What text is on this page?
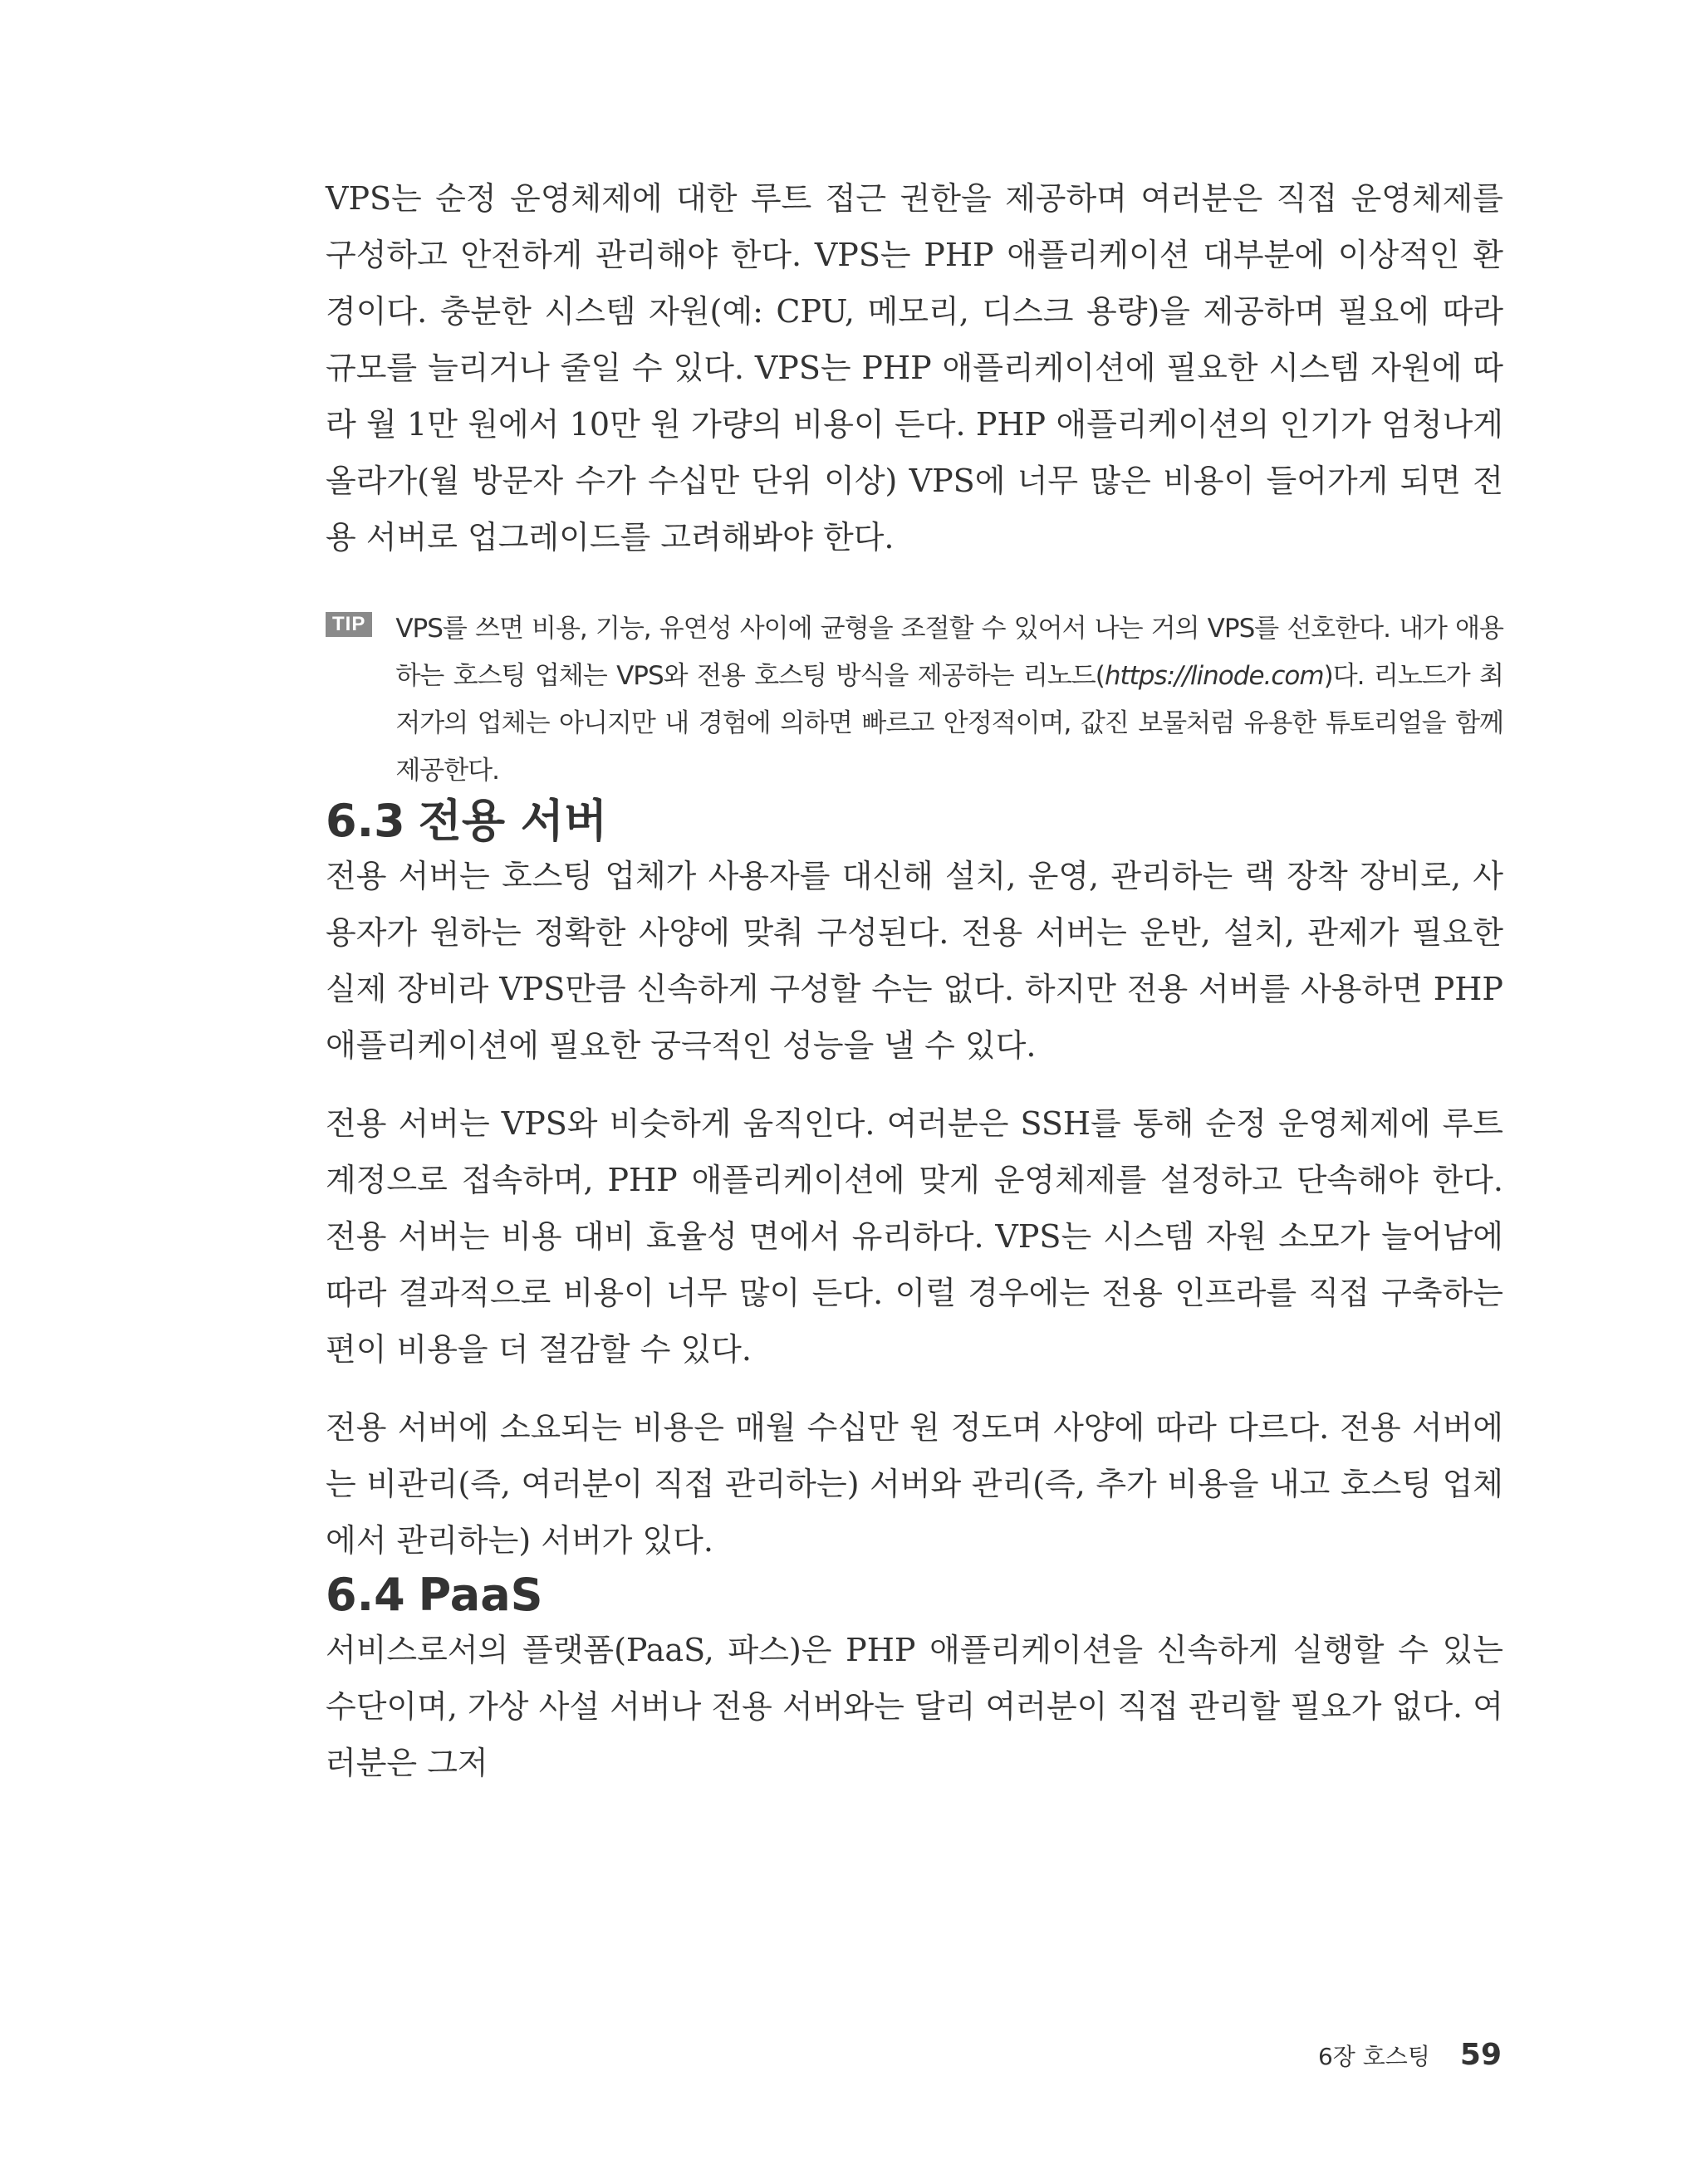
VPS는 순정 운영체제에 대한 루트 접근 권한을 제공하며 여러분은 직접 운영체제를 구성하고 안전하게 관리해야 한다. VPS는 PHP 애플리케이션 대부분에 이상적인 환경이다. 충분한 시스템 자원(예: CPU, 메모리, 디스크 용량)을 제공하며 필요에 따라 규모를 늘리거나 줄일 수 있다. VPS는 PHP 애플리케이션에 필요한 시스템 자원에 따라 월 1만 원에서 10만 원 가량의 비용이 든다. PHP 애플리케이션의 인기가 엄청나게 올라가(월 방문자 수가 수십만 단위 이상) VPS에 너무 많은 비용이 들어가게 되면 전용 서버로 업그레이드를 고려해봐야 한다.

TIP VPS를 쓰면 비용, 기능, 유연성 사이에 균형을 조절할 수 있어서 나는 거의 VPS를 선호한다. 내가 애용하는 호스팅 업체는 VPS와 전용 호스팅 방식을 제공하는 리노드(https://linode.com)다. 리노드가 최저가의 업체는 아니지만 내 경험에 의하면 빠르고 안정적이며, 값진 보물처럼 유용한 튜토리얼을 함께 제공한다.

6.3 전용 서버

전용 서버는 호스팅 업체가 사용자를 대신해 설치, 운영, 관리하는 랙 장착 장비로, 사용자가 원하는 정확한 사양에 맞춰 구성된다. 전용 서버는 운반, 설치, 관제가 필요한 실제 장비라 VPS만큼 신속하게 구성할 수는 없다. 하지만 전용 서버를 사용하면 PHP 애플리케이션에 필요한 궁극적인 성능을 낼 수 있다.

전용 서버는 VPS와 비슷하게 움직인다. 여러분은 SSH를 통해 순정 운영체제에 루트 계정으로 접속하며, PHP 애플리케이션에 맞게 운영체제를 설정하고 단속해야 한다. 전용 서버는 비용 대비 효율성 면에서 유리하다. VPS는 시스템 자원 소모가 늘어남에 따라 결과적으로 비용이 너무 많이 든다. 이럴 경우에는 전용 인프라를 직접 구축하는 편이 비용을 더 절감할 수 있다.

전용 서버에 소요되는 비용은 매월 수십만 원 정도며 사양에 따라 다르다. 전용 서버에는 비관리(즉, 여러분이 직접 관리하는) 서버와 관리(즉, 추가 비용을 내고 호스팅 업체에서 관리하는) 서버가 있다.

6.4 PaaS

서비스로서의 플랫폼(PaaS, 파스)은 PHP 애플리케이션을 신속하게 실행할 수 있는 수단이며, 가상 사설 서버나 전용 서버와는 달리 여러분이 직접 관리할 필요가 없다. 여러분은 그저

6장 호스팅 59
